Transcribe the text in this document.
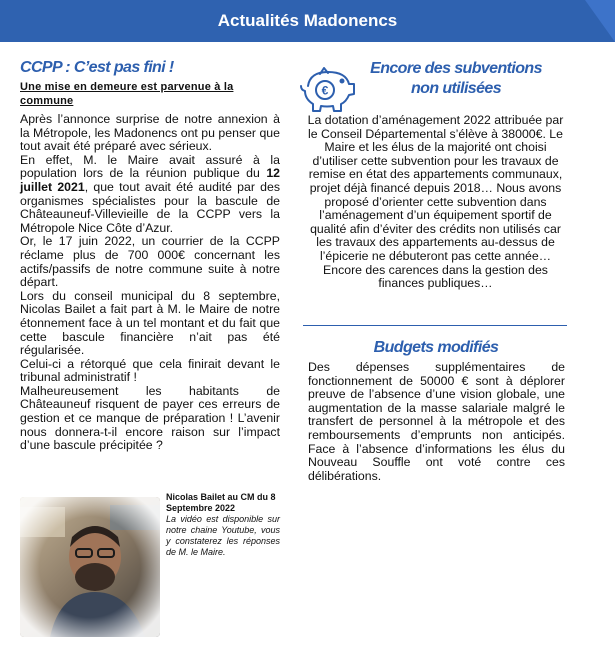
Actualités Madonencs
CCPP : C’est pas fini !
Une mise en demeure est parvenue à la commune

Après l’annonce surprise de notre annexion à la Métropole, les Madonencs ont pu penser que tout avait été préparé avec sérieux.

En effet, M. le Maire avait assuré à la population lors de la réunion publique du 12 juillet 2021, que tout avait été audité par des organismes spécialistes pour la bascule de Châteauneuf-Villevieille de la CCPP vers la Métropole Nice Côte d’Azur.

Or, le 17 juin 2022, un courrier de la CCPP réclame plus de 700 000€ concernant les actifs/passifs de notre commune suite à notre départ.

Lors du conseil municipal du 8 septembre, Nicolas Bailet a fait part à M. le Maire de notre étonnement face à un tel montant et du fait que cette bascule financière n’ait pas été régularisée.

Celui-ci a rétorqué que cela finirait devant le tribunal administratif !

Malheureusement les habitants de Châteauneuf risquent de payer ces erreurs de gestion et ce manque de préparation ! L’avenir nous donnera-t-il encore raison sur l’impact d’une bascule précipitée ?

Nicolas Bailet au CM du 8 Septembre 2022
La vidéo est disponible sur notre chaine Youtube, vous y constaterez les réponses de M. le Maire.
€
Encore des subventions non utilisées
La dotation d’aménagement 2022 attribuée par le Conseil Départemental s’élève à 38000€. Le Maire et les élus de la majorité ont choisi d’utiliser cette subvention pour les travaux de remise en état des appartements communaux, projet déjà financé depuis 2018… Nous avons proposé d’orienter cette subvention dans l’aménagement d’un équipement sportif de qualité afin d’éviter des crédits non utilisés car les travaux des appartements au-dessus de l’épicerie ne débuteront pas cette année… Encore des carences dans la gestion des finances publiques…
Budgets modifiés
Des dépenses supplémentaires de fonctionnement de 50000 € sont à déplorer preuve de l’absence d’une vision globale, une augmentation de la masse salariale malgré le transfert de personnel à la métropole et des remboursements d’emprunts non anticipés. Face à l’absence d’informations les élus du Nouveau Souffle ont voté contre ces délibérations.
